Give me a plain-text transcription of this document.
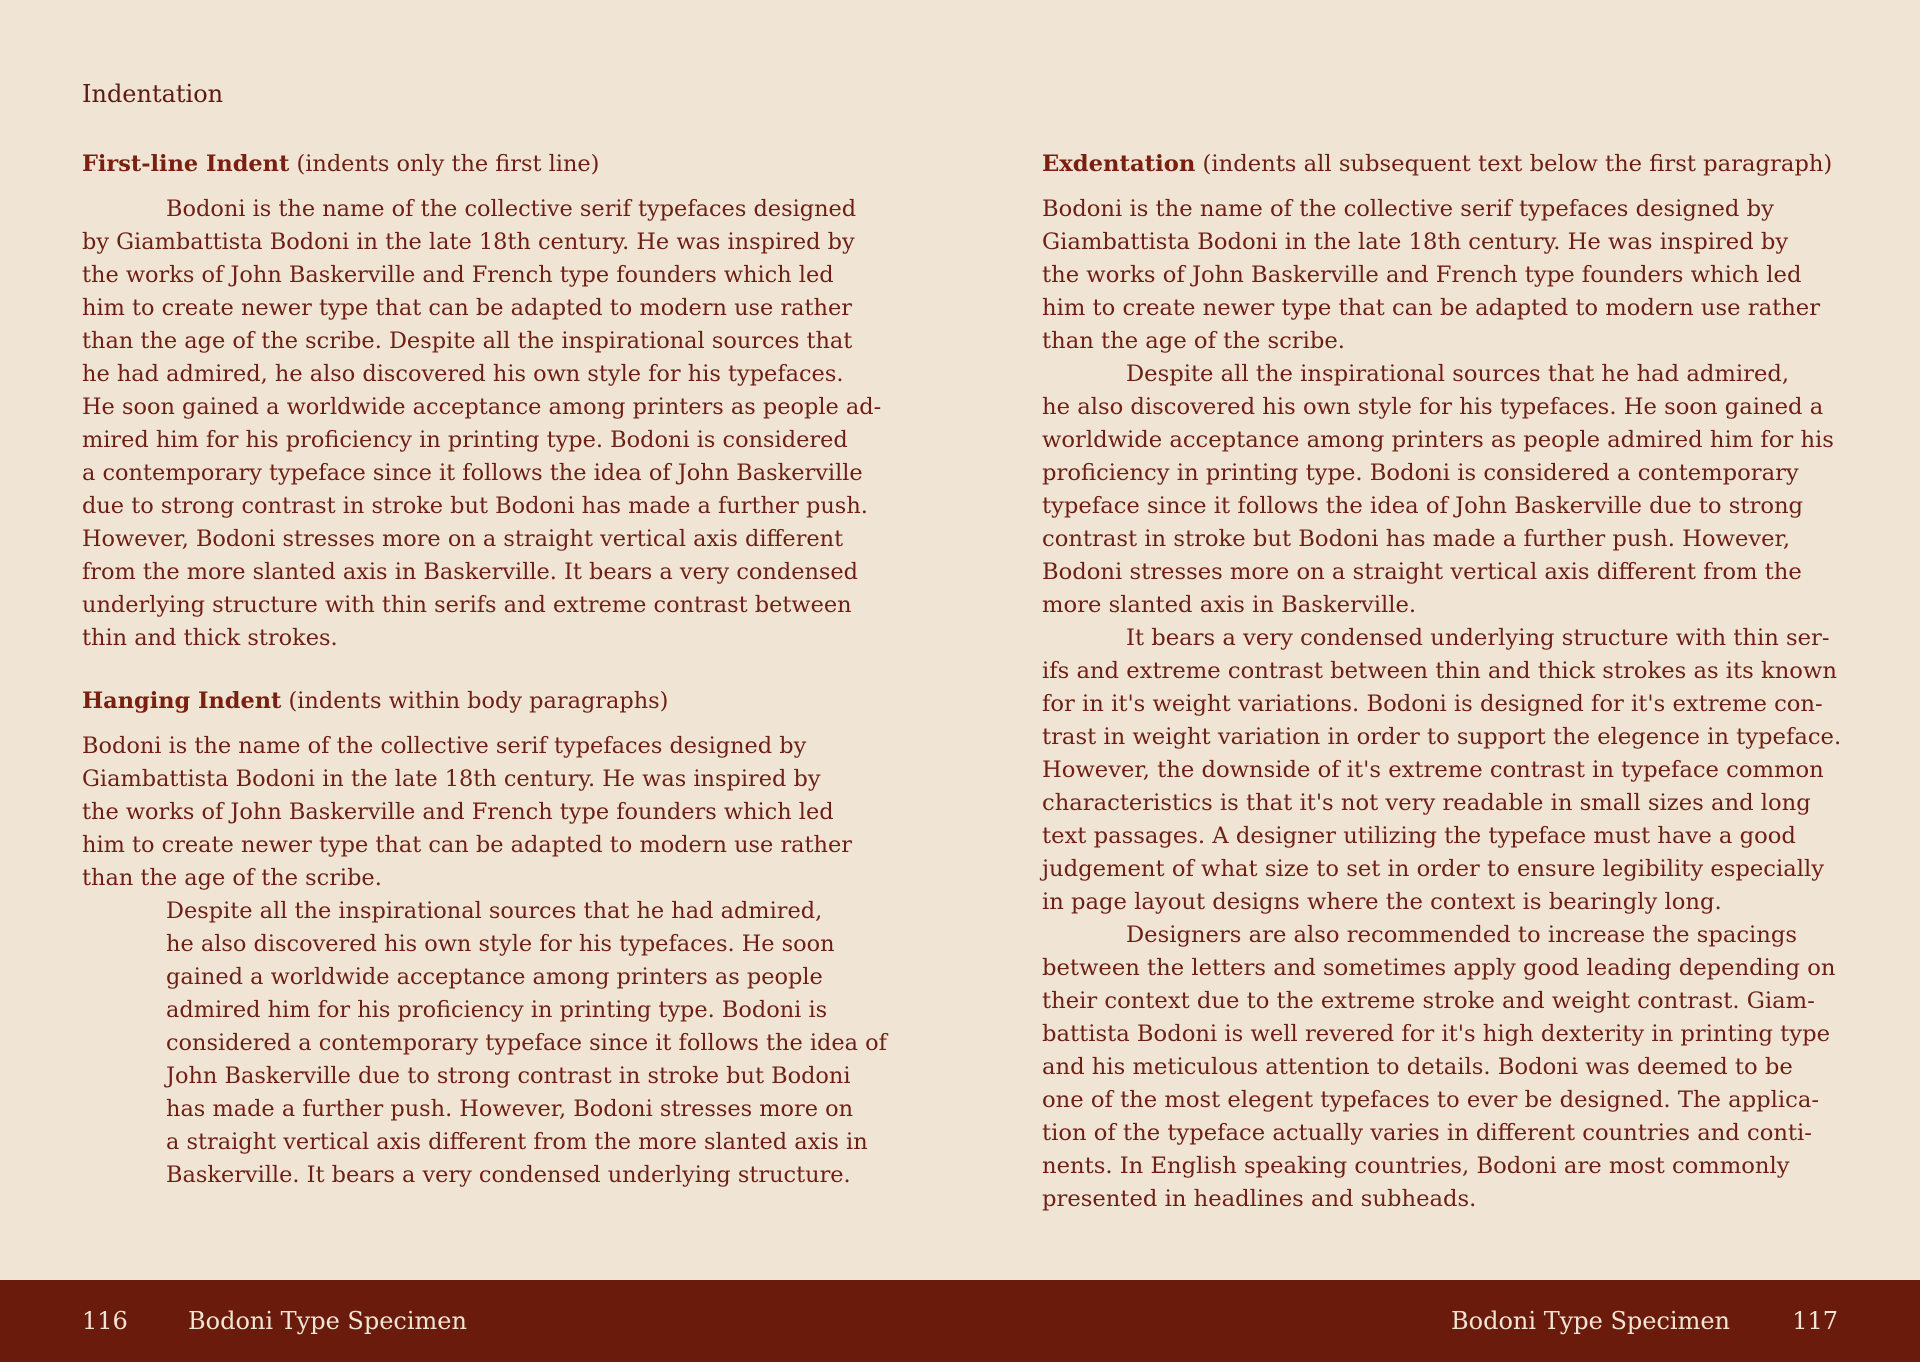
Indentation
First-line Indent (indents only the first line)
Bodoni is the name of the collective serif typefaces designed
by Giambattista Bodoni in the late 18th century. He was inspired by
the works of John Baskerville and French type founders which led
him to create newer type that can be adapted to modern use rather
than the age of the scribe. Despite all the inspirational sources that
he had admired, he also discovered his own style for his typefaces.
He soon gained a worldwide acceptance among printers as people ad-
mired him for his proficiency in printing type. Bodoni is considered
a contemporary typeface since it follows the idea of John Baskerville
due to strong contrast in stroke but Bodoni has made a further push.
However, Bodoni stresses more on a straight vertical axis different
from the more slanted axis in Baskerville. It bears a very condensed
underlying structure with thin serifs and extreme contrast between
thin and thick strokes.
Hanging Indent (indents within body paragraphs)
Bodoni is the name of the collective serif typefaces designed by
Giambattista Bodoni in the late 18th century. He was inspired by
the works of John Baskerville and French type founders which led
him to create newer type that can be adapted to modern use rather
than the age of the scribe.
Despite all the inspirational sources that he had admired,
he also discovered his own style for his typefaces. He soon
gained a worldwide acceptance among printers as people
admired him for his proficiency in printing type. Bodoni is
considered a contemporary typeface since it follows the idea of
John Baskerville due to strong contrast in stroke but Bodoni
has made a further push. However, Bodoni stresses more on
a straight vertical axis different from the more slanted axis in
Baskerville. It bears a very condensed underlying structure.
Exdentation (indents all subsequent text below the first paragraph)
Bodoni is the name of the collective serif typefaces designed by
Giambattista Bodoni in the late 18th century. He was inspired by
the works of John Baskerville and French type founders which led
him to create newer type that can be adapted to modern use rather
than the age of the scribe.
Despite all the inspirational sources that he had admired,
he also discovered his own style for his typefaces. He soon gained a
worldwide acceptance among printers as people admired him for his
proficiency in printing type. Bodoni is considered a contemporary
typeface since it follows the idea of John Baskerville due to strong
contrast in stroke but Bodoni has made a further push. However,
Bodoni stresses more on a straight vertical axis different from the
more slanted axis in Baskerville.
It bears a very condensed underlying structure with thin ser-
ifs and extreme contrast between thin and thick strokes as its known
for in it's weight variations. Bodoni is designed for it's extreme con-
trast in weight variation in order to support the elegence in typeface.
However, the downside of it's extreme contrast in typeface common
characteristics is that it's not very readable in small sizes and long
text passages. A designer utilizing the typeface must have a good
judgement of what size to set in order to ensure legibility especially
in page layout designs where the context is bearingly long.
Designers are also recommended to increase the spacings
between the letters and sometimes apply good leading depending on
their context due to the extreme stroke and weight contrast. Giam-
battista Bodoni is well revered for it's high dexterity in printing type
and his meticulous attention to details. Bodoni was deemed to be
one of the most elegent typefaces to ever be designed. The applica-
tion of the typeface actually varies in different countries and conti-
nents. In English speaking countries, Bodoni are most commonly
presented in headlines and subheads.
116	Bodoni Type Specimen	Bodoni Type Specimen	117
